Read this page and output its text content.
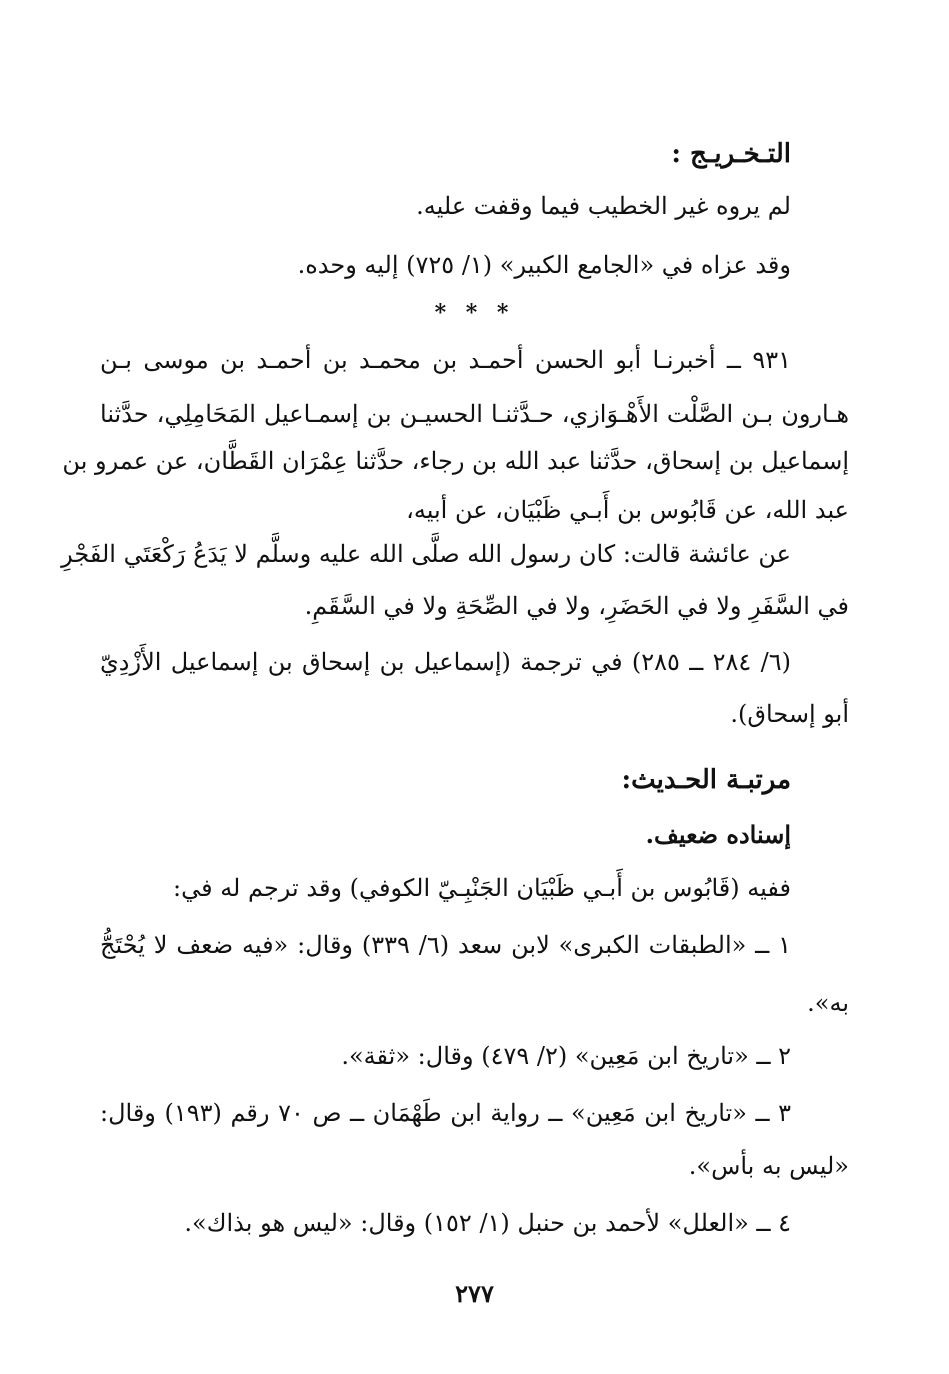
التـخـريـج :
لم يروه غير الخطيب فيما وقفت عليه.
وقد عزاه في «الجامع الكبير» (١/ ٧٢٥) إليه وحده.
* * *
٩٣١ ــ أخبرنـا أبو الحسن أحمـد بن محمـد بن أحمـد بن موسى بـن
هـارون بـن الصَّلْت الأَهْـوَازي، حـدَّثنـا الحسيـن بن إسمـاعيل المَحَامِلِي، حدَّثنا
إسماعيل بن إسحاق، حدَّثنا عبد الله بن رجاء، حدَّثنا عِمْرَان القَطَّان، عن عمرو بن
عبد الله، عن قَابُوس بن أَبـي ظَبْيَان، عن أبيه،
عن عائشة قالت: كان رسول الله صلَّى الله عليه وسلَّم لا يَدَعُ رَكْعَتَي الفَجْرِ
في السَّفَرِ ولا في الحَضَرِ، ولا في الصِّحَةِ ولا في السَّقَمِ.
(٦/ ٢٨٤ ــ ٢٨٥) في ترجمة (إسماعيل بن إسحاق بن إسماعيل الأَزْدِيّ
أبو إسحاق).
مرتبـة الحـديث:
إسناده ضعيف.
ففيه (قَابُوس بن أَبـي ظَبْيَان الجَنْبِـيّ الكوفي) وقد ترجم له في:
١ ــ «الطبقات الكبرى» لابن سعد (٦/ ٣٣٩) وقال: «فيه ضعف لا يُحْتَجُّ
به».
٢ ــ «تاريخ ابن مَعِين» (٢/ ٤٧٩) وقال: «ثقة».
٣ ــ «تاريخ ابن مَعِين» ــ رواية ابن طَهْمَان ــ ص ٧٠ رقم (١٩٣) وقال:
«ليس به بأس».
٤ ــ «العلل» لأحمد بن حنبل (١/ ١٥٢) وقال: «ليس هو بذاك».
٢٧٧
